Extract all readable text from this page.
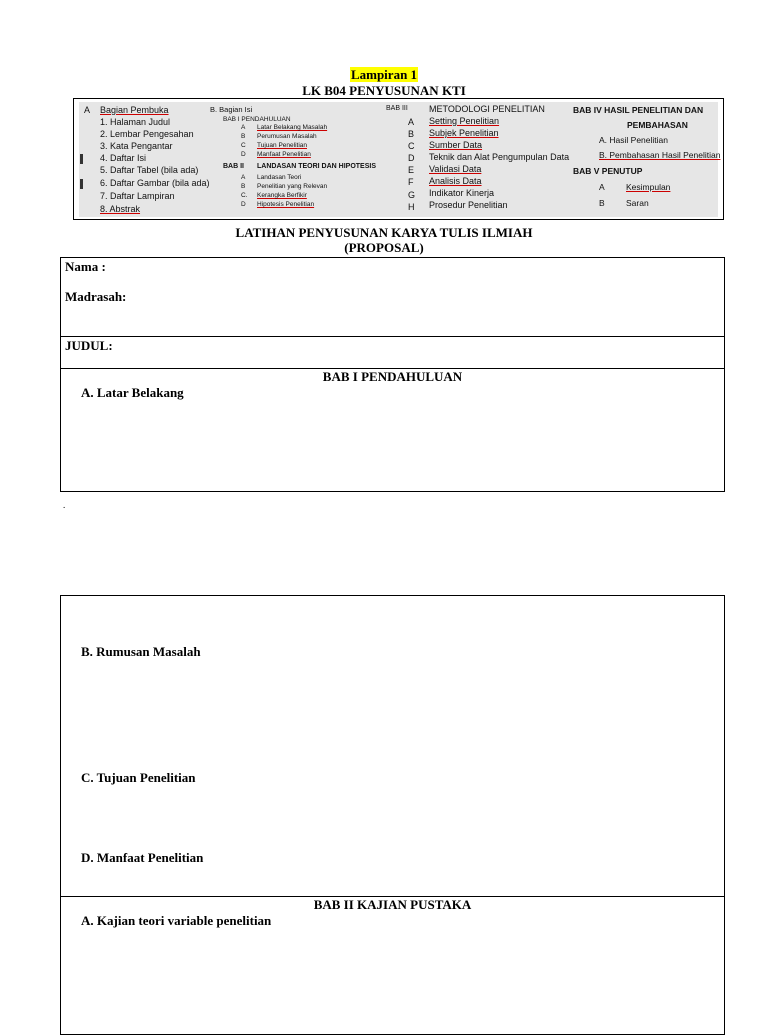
Lampiran 1
LK B04 PENYUSUNAN KTI
A Bagian Pembuka
1. Halaman Judul
2. Lembar Pengesahan
3. Kata Pengantar
4. Daftar Isi
5. Daftar Tabel (bila ada)
6. Daftar Gambar (bila ada)
7. Daftar Lampiran
8. Abstrak
B. Bagian Isi
BAB I PENDAHULUAN
A Latar Belakang Masalah
B Perumusan Masalah
C Tujuan Penelitian
D Manfaat Penelitian
BAB II LANDASAN TEORI DAN HIPOTESIS
A Landasan Teori
B Penelitian yang Relevan
C. Kerangka Berfikir
D Hipotesis Penelitian
BAB III METODOLOGI PENELITIAN
A Setting Penelitian
B Subjek Penelitian
C Sumber Data
D Teknik dan Alat Pengumpulan Data
E Validasi Data
F Analisis Data
G Indikator Kinerja
H Prosedur Penelitian
BAB IV HASIL PENELITIAN DAN
PEMBAHASAN
A. Hasil Penelitian
B. Pembahasan Hasil Penelitian
BAB V PENUTUP
A	Kesimpulan
B	Saran
LATIHAN PENYUSUNAN KARYA TULIS ILMIAH
(PROPOSAL)
Nama :
Madrasah:
JUDUL:
BAB I PENDAHULUAN
A. Latar Belakang
.
B. Rumusan Masalah
C. Tujuan Penelitian
D. Manfaat Penelitian
BAB II KAJIAN PUSTAKA
A. Kajian teori variable penelitian
